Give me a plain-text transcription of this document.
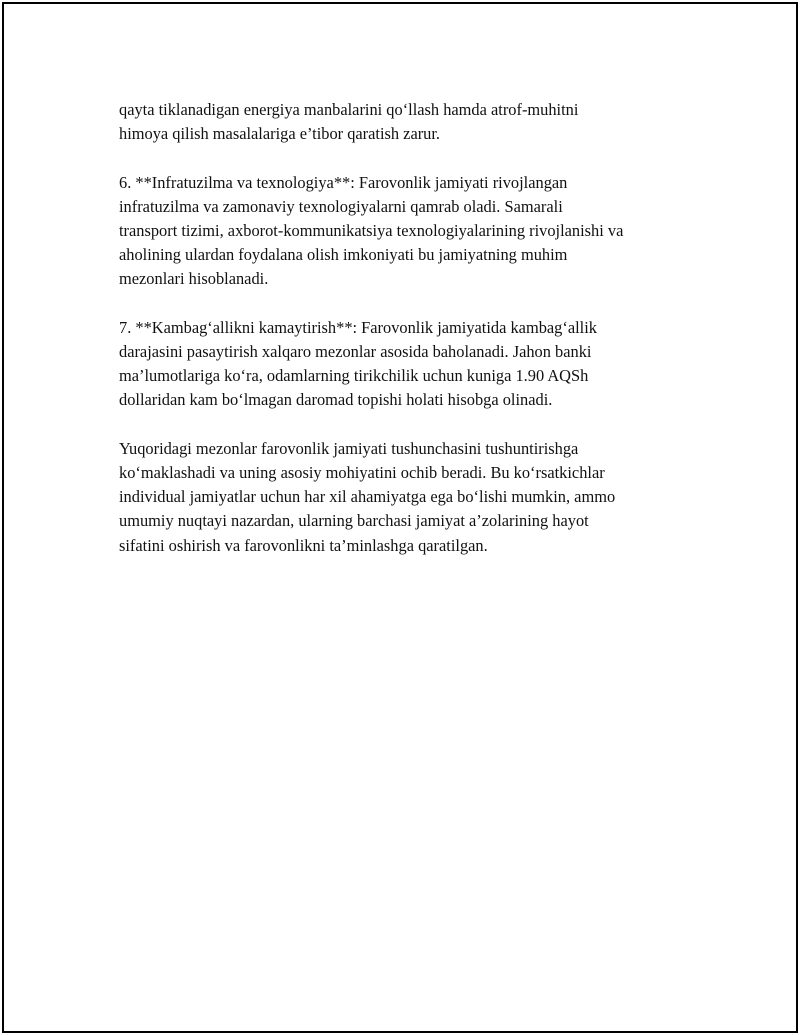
qayta tiklanadigan energiya manbalarini qo‘llash hamda atrof-muhitni
himoya qilish masalalariga e’tibor qaratish zarur.

6. **Infratuzilma va texnologiya**: Farovonlik jamiyati rivojlangan
infratuzilma va zamonaviy texnologiyalarni qamrab oladi. Samarali
transport tizimi, axborot-kommunikatsiya texnologiyalarining rivojlanishi va
aholining ulardan foydalana olish imkoniyati bu jamiyatning muhim
mezonlari hisoblanadi.

7. **Kambag‘allikni kamaytirish**: Farovonlik jamiyatida kambag‘allik
darajasini pasaytirish xalqaro mezonlar asosida baholanadi. Jahon banki
ma’lumotlariga ko‘ra, odamlarning tirikchilik uchun kuniga 1.90 AQSh
dollaridan kam bo‘lmagan daromad topishi holati hisobga olinadi.

Yuqoridagi mezonlar farovonlik jamiyati tushunchasini tushuntirishga
ko‘maklashadi va uning asosiy mohiyatini ochib beradi. Bu ko‘rsatkichlar
individual jamiyatlar uchun har xil ahamiyatga ega bo‘lishi mumkin, ammo
umumiy nuqtayi nazardan, ularning barchasi jamiyat a’zolarining hayot
sifatini oshirish va farovonlikni ta’minlashga qaratilgan.
